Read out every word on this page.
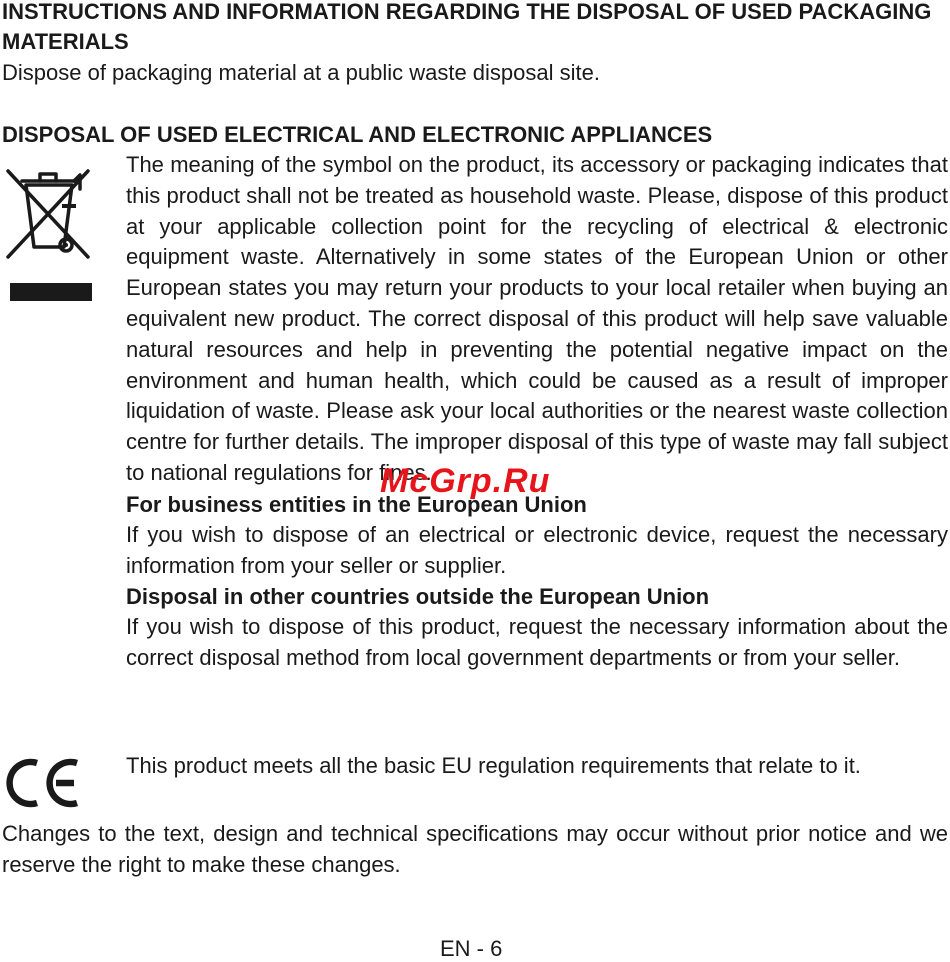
INSTRUCTIONS AND INFORMATION REGARDING THE DISPOSAL OF USED PACKAGING MATERIALS

Dispose of packaging material at a public waste disposal site.

DISPOSAL OF USED ELECTRICAL AND ELECTRONIC APPLIANCES

The meaning of the symbol on the product, its accessory or packaging indicates that this product shall not be treated as household waste. Please, dispose of this product at your applicable collection point for the recycling of electrical & electronic equipment waste. Alternatively in some states of the European Union or other European states you may return your products to your local retailer when buying an equivalent new product. The correct disposal of this product will help save valuable natural resources and help in preventing the potential negative impact on the environment and human health, which could be caused as a result of improper liquidation of waste. Please ask your local authorities or the nearest waste collection centre for further details. The improper disposal of this type of waste may fall subject to national regulations for fines.

For business entities in the European Union

If you wish to dispose of an electrical or electronic device, request the necessary information from your seller or supplier.

Disposal in other countries outside the European Union

If you wish to dispose of this product, request the necessary information about the correct disposal method from local government departments or from your seller.

This product meets all the basic EU regulation requirements that relate to it.

Changes to the text, design and technical specifications may occur without prior notice and we reserve the right to make these changes.

McGrp.Ru
EN - 6
